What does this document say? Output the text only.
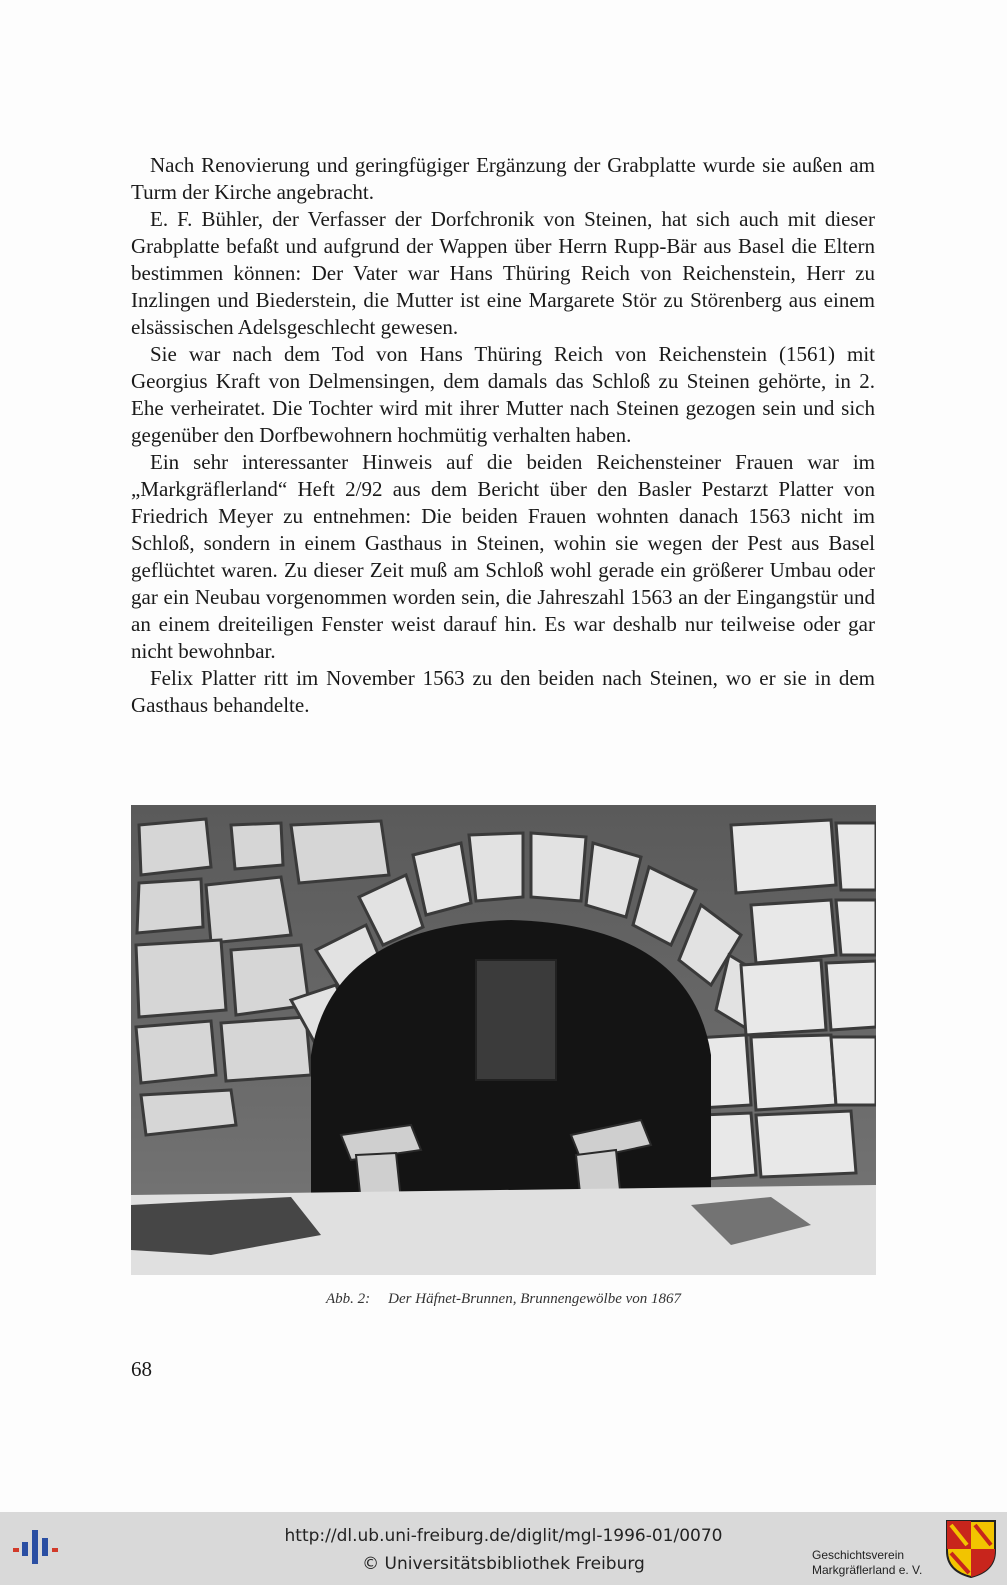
Nach Renovierung und geringfügiger Ergänzung der Grabplatte wurde sie außen am Turm der Kirche angebracht.

E. F. Bühler, der Verfasser der Dorfchronik von Steinen, hat sich auch mit dieser Grabplatte befaßt und aufgrund der Wappen über Herrn Rupp-Bär aus Basel die Eltern bestimmen können: Der Vater war Hans Thüring Reich von Reichenstein, Herr zu Inzlingen und Biederstein, die Mutter ist eine Margarete Stör zu Störenberg aus einem elsässischen Adelsgeschlecht gewesen.

Sie war nach dem Tod von Hans Thüring Reich von Reichenstein (1561) mit Georgius Kraft von Delmensingen, dem damals das Schloß zu Steinen gehörte, in 2. Ehe verheiratet. Die Tochter wird mit ihrer Mutter nach Steinen gezogen sein und sich gegenüber den Dorfbewohnern hochmütig verhalten haben.

Ein sehr interessanter Hinweis auf die beiden Reichensteiner Frauen war im „Markgräflerland“ Heft 2/92 aus dem Bericht über den Basler Pestarzt Platter von Friedrich Meyer zu entnehmen: Die beiden Frauen wohnten danach 1563 nicht im Schloß, sondern in einem Gasthaus in Steinen, wohin sie wegen der Pest aus Basel geflüchtet waren. Zu dieser Zeit muß am Schloß wohl gerade ein größerer Umbau oder gar ein Neubau vorgenommen worden sein, die Jahreszahl 1563 an der Eingangstür und an einem dreiteiligen Fenster weist darauf hin. Es war deshalb nur teilweise oder gar nicht bewohnbar.

Felix Platter ritt im November 1563 zu den beiden nach Steinen, wo er sie in dem Gasthaus behandelte.

Abb. 2: Der Häfnet-Brunnen, Brunnengewölbe von 1867
68
http://dl.ub.uni-freiburg.de/diglit/mgl-1996-01/0070
© Universitätsbibliothek Freiburg	Geschichtsverein
Markgräflerland e. V.
